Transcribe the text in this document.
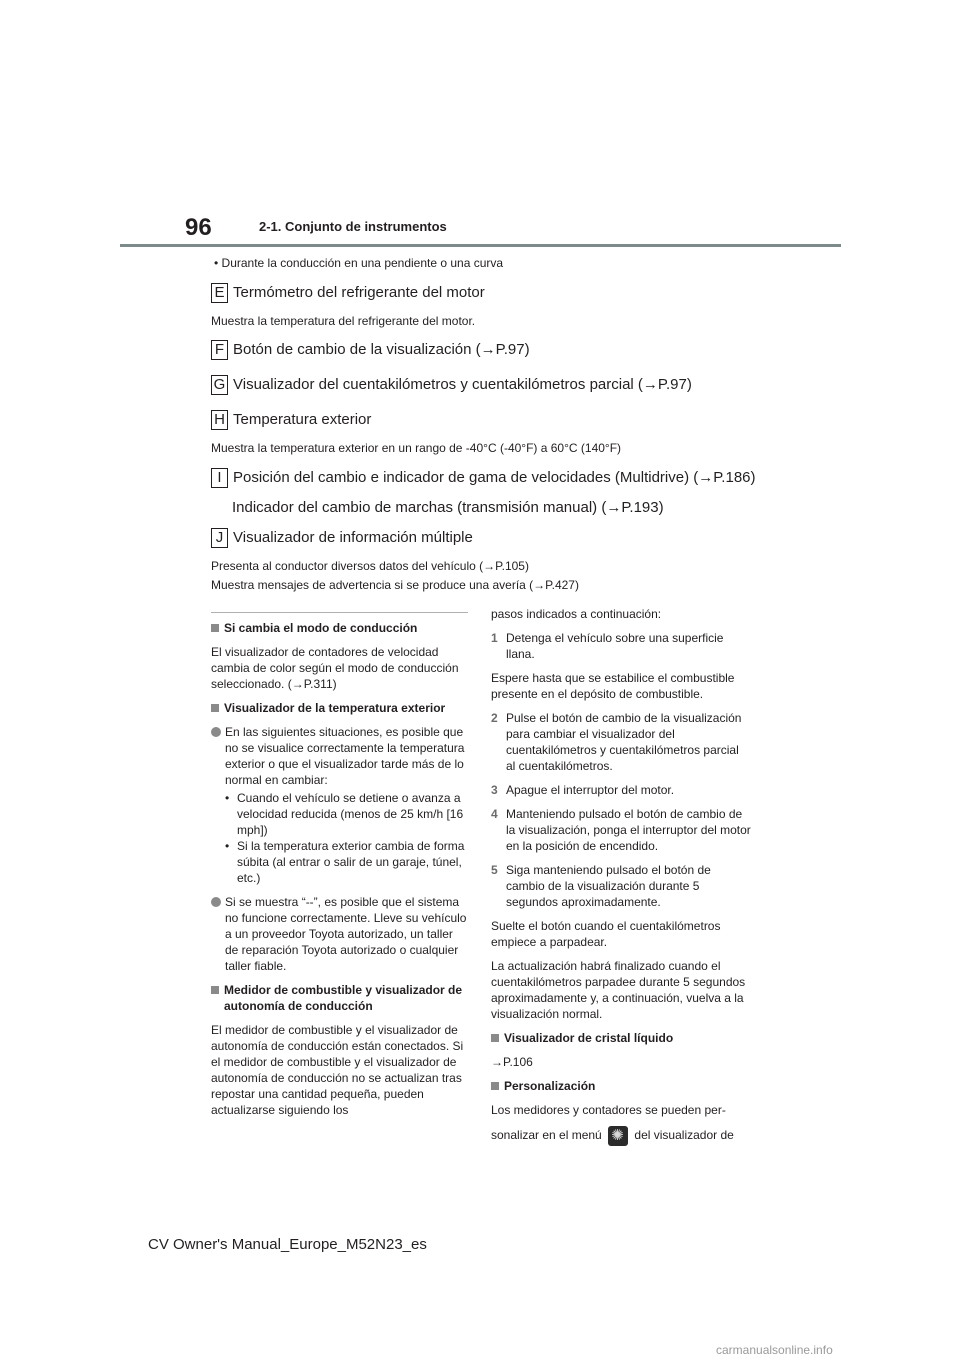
96	2-1. Conjunto de instrumentos
• Durante la conducción en una pendiente o una curva
E Termómetro del refrigerante del motor
Muestra la temperatura del refrigerante del motor.
F Botón de cambio de la visualización (→P.97)
G Visualizador del cuentakilómetros y cuentakilómetros parcial (→P.97)
H Temperatura exterior
Muestra la temperatura exterior en un rango de -40°C (-40°F) a 60°C (140°F)
I Posición del cambio e indicador de gama de velocidades (Multidrive) (→P.186)
Indicador del cambio de marchas (transmisión manual) (→P.193)
J Visualizador de información múltiple
Presenta al conductor diversos datos del vehículo (→P.105)
Muestra mensajes de advertencia si se produce una avería (→P.427)
Si cambia el modo de conducción

El visualizador de contadores de velocidad cambia de color según el modo de conducción seleccionado. (→P.311)

Visualizador de la temperatura exterior
En las siguientes situaciones, es posible que no se visualice correctamente la temperatura exterior o que el visualizador tarde más de lo normal en cambiar:
• Cuando el vehículo se detiene o avanza a velocidad reducida (menos de 25 km/h [16 mph])
• Si la temperatura exterior cambia de forma súbita (al entrar o salir de un garaje, túnel, etc.)
Si se muestra “--”, es posible que el sistema no funcione correctamente. Lleve su vehículo a un proveedor Toyota autorizado, un taller de reparación Toyota autorizado o cualquier taller fiable.
Medidor de combustible y visualizador de autonomía de conducción

El medidor de combustible y el visualizador de autonomía de conducción están conectados. Si el medidor de combustible y el visualizador de autonomía de conducción no se actualizan tras repostar una cantidad pequeña, pueden actualizarse siguiendo los

pasos indicados a continuación:

1 Detenga el vehículo sobre una superficie llana.

Espere hasta que se estabilice el combustible presente en el depósito de combustible.

2 Pulse el botón de cambio de la visualización para cambiar el visualizador del cuentakilómetros y cuentakilómetros parcial al cuentakilómetros.
3 Apague el interruptor del motor.
4 Manteniendo pulsado el botón de cambio de la visualización, ponga el interruptor del motor en la posición de encendido.
5 Siga manteniendo pulsado el botón de cambio de la visualización durante 5 segundos aproximadamente.

Suelte el botón cuando el cuentakilómetros empiece a parpadear.

La actualización habrá finalizado cuando el cuentakilómetros parpadee durante 5 segundos aproximadamente y, a continuación, vuelva a la visualización normal.

Visualizador de cristal líquido

→P.106

Personalización

Los medidores y contadores se pueden per-

sonalizar en el menú ✺	del visualizador de

CV Owner's Manual_Europe_M52N23_es
carmanualsonline.info
